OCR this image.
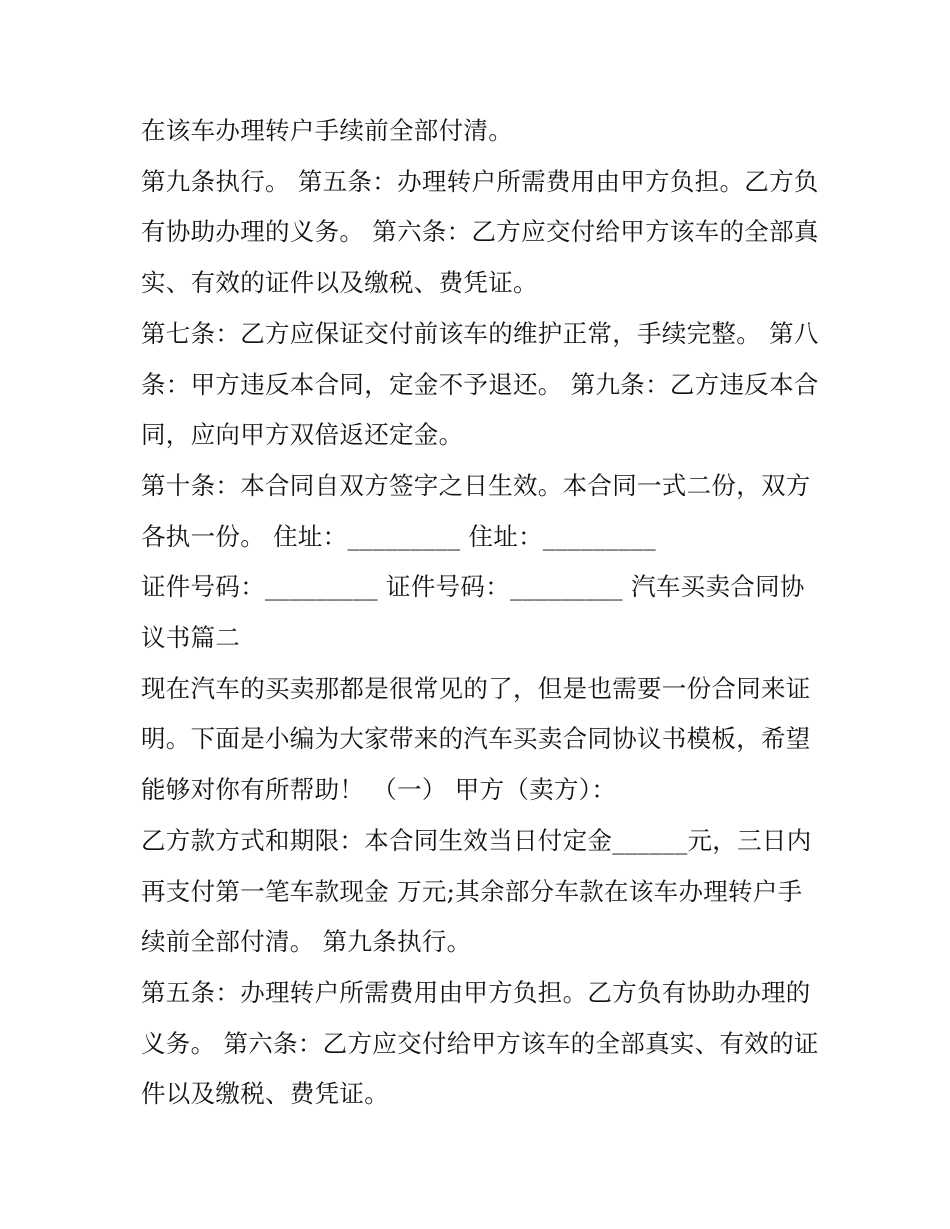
在该车办理转户手续前全部付清。

第九条执行。 第五条：办理转户所需费用由甲方负担。乙方负有协助办理的义务。 第六条：乙方应交付给甲方该车的全部真实、有效的证件以及缴税、费凭证。

第七条：乙方应保证交付前该车的维护正常，手续完整。 第八条：甲方违反本合同，定金不予退还。 第九条：乙方违反本合同，应向甲方双倍返还定金。

第十条：本合同自双方签字之日生效。本合同一式二份，双方各执一份。 住址：_________ 住址：_________

证件号码：_________ 证件号码：_________ 汽车买卖合同协议书篇二

现在汽车的买卖那都是很常见的了，但是也需要一份合同来证明。下面是小编为大家带来的汽车买卖合同协议书模板，希望能够对你有所帮助！ （一） 甲方（卖方）：

乙方款方式和期限：本合同生效当日付定金______元，三日内再支付第一笔车款现金 万元;其余部分车款在该车办理转户手续前全部付清。 第九条执行。

第五条：办理转户所需费用由甲方负担。乙方负有协助办理的义务。 第六条：乙方应交付给甲方该车的全部真实、有效的证件以及缴税、费凭证。
